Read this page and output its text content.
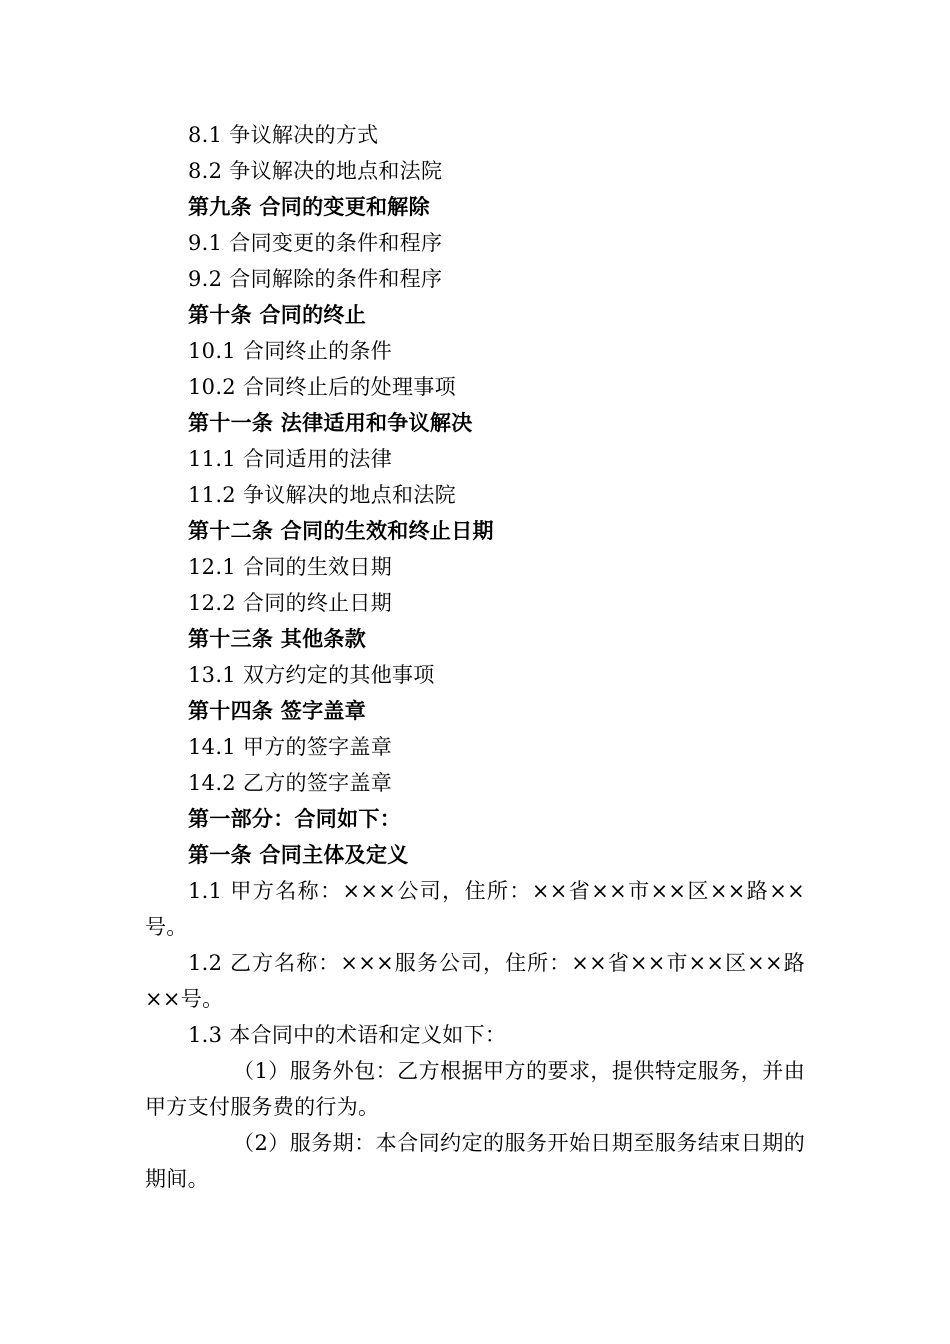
8.1 争议解决的方式
8.2 争议解决的地点和法院
第九条 合同的变更和解除
9.1 合同变更的条件和程序
9.2 合同解除的条件和程序
第十条 合同的终止
10.1 合同终止的条件
10.2 合同终止后的处理事项
第十一条 法律适用和争议解决
11.1 合同适用的法律
11.2 争议解决的地点和法院
第十二条 合同的生效和终止日期
12.1 合同的生效日期
12.2 合同的终止日期
第十三条 其他条款
13.1 双方约定的其他事项
第十四条 签字盖章
14.1 甲方的签字盖章
14.2 乙方的签字盖章
第一部分：合同如下：
第一条 合同主体及定义
1.1 甲方名称：×××公司，住所：××省××市××区××路××号。
1.2 乙方名称：×××服务公司，住所：××省××市××区××路××号。
1.3 本合同中的术语和定义如下：
（1）服务外包：乙方根据甲方的要求，提供特定服务，并由甲方支付服务费的行为。
（2）服务期：本合同约定的服务开始日期至服务结束日期的期间。
